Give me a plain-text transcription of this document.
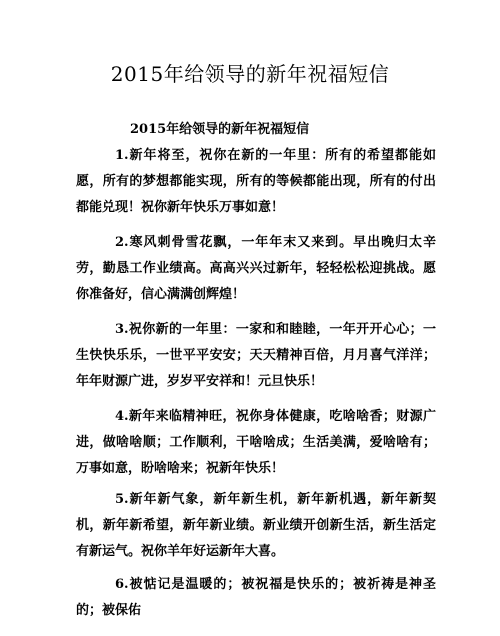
2015年给领导的新年祝福短信
2015年给领导的新年祝福短信

1.新年将至，祝你在新的一年里：所有的希望都能如愿，所有的梦想都能实现，所有的等候都能出现，所有的付出都能兑现！祝你新年快乐万事如意！

2.寒风刺骨雪花飘，一年年末又来到。早出晚归太辛劳，勤恳工作业绩高。高高兴兴过新年，轻轻松松迎挑战。愿你准备好，信心满满创辉煌！

3.祝你新的一年里：一家和和睦睦，一年开开心心；一生快快乐乐，一世平平安安；天天精神百倍，月月喜气洋洋；年年财源广进，岁岁平安祥和！元旦快乐！

4.新年来临精神旺，祝你身体健康，吃啥啥香；财源广进，做啥啥顺；工作顺利，干啥啥成；生活美满，爱啥啥有；万事如意，盼啥啥来；祝新年快乐！

5.新年新气象，新年新生机，新年新机遇，新年新契机，新年新希望，新年新业绩。新业绩开创新生活，新生活定有新运气。祝你羊年好运新年大喜。

6.被惦记是温暖的；被祝福是快乐的；被祈祷是神圣的；被保佑
